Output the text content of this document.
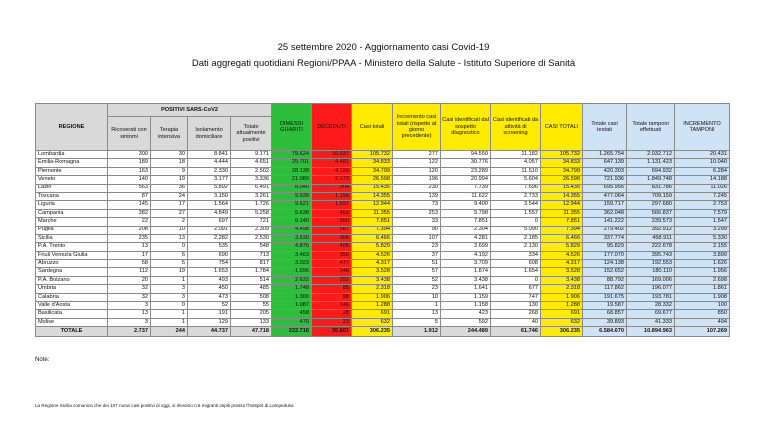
25 settembre 2020 - Aggiornamento casi Covid-19
Dati aggregati quotidiani Regioni/PPAA - Ministero della Salute - Istituto Superiore di Sanità
REGIONE	POSITIVI SARS-CoV2				DIMESSI GUARITI	DECEDUTI	Casi totali	Incremento casi totali (rispetto al giorno precedente)	Casi identificati dal sospetto diagnostico	Casi identificati da attività di screening	CASI TOTALI	Totale casi testati	Totale tamponi effettuati	INCREMENTO TAMPONI
	Ricoverati con sintomi	Terapia intensiva	Isolamento domiciliare	Totale attualmente positivi										
Lombardia	300	30	8.841	9.171	79.624	16.937	105.732	277	94.550	11.182	105.732	1.265.754	2.032.712	20.431
Emilia-Romagna	189	18	4.444	4.651	25.701	4.481	34.833	122	30.776	4.057	34.833	647.139	1.131.423	10.040
Piemonte	163	9	2.330	2.502	28.138	4.159	34.799	120	23.289	11.510	34.799	420.303	694.932	6.284
Veneto	140	19	3.177	3.336	21.089	2.173	26.598	196	20.994	5.604	26.598	721.936	1.849.748	14.188
Lazio	563	36	5.892	6.491	8.040	904	15.435	230	7.739	7.696	15.435	695.956	831.786	11.026
Toscana	87	24	3.150	3.261	9.938	1.156	14.355	139	11.622	2.733	14.355	477.064	709.159	7.245
Liguria	145	17	1.564	1.726	9.621	1.597	12.944	73	9.400	3.544	12.944	159.717	297.680	2.753
Campania	382	27	4.849	5.258	5.638	459	11.355	253	9.798	1.557	11.355	362.048	566.837	7.579
Marche	22	2	697	721	6.140	990	7.851	33	7.851	0	7.851	141.222	239.573	1.547
Puglia	208	10	2.091	2.309	4.498	587	7.394	90	2.304	5.090	7.394	279.402	392.912	3.299
Sicilia	235	13	2.282	2.530	3.630	306	6.466	107	4.281	2.185	6.466	337.774	458.911	5.330
P.A. Trento	13	0	535	548	4.876	405	5.829	23	3.699	2.130	5.829	95.829	222.678	2.155
Friuli Venezia Giulia	17	6	690	713	3.463	350	4.526	37	4.192	334	4.526	177.070	395.743	3.899
Abruzzo	58	5	754	817	3.023	477	4.317	51	3.709	608	4.317	124.138	192.553	1.626
Sardegna	112	19	1.653	1.784	1.596	148	3.528	57	1.874	1.654	3.528	152.652	180.110	1.956
P.A. Bolzano	20	1	493	514	2.632	292	3.438	52	3.438	0	3.438	88.792	169.006	2.698
Umbria	32	3	450	485	1.748	85	2.318	23	1.641	677	2.318	117.862	196.077	1.861
Calabria	32	3	473	508	1.300	98	1.906	10	1.159	747	1.906	191.675	193.781	1.908
Valle d'Aosta	3	0	52	55	1.087	146	1.288	1	1.158	130	1.288	19.587	28.332	100
Basilicata	13	1	191	205	458	28	691	13	423	268	691	68.857	69.677	850
Molise	3	1	129	133	476	23	632	5	592	40	632	39.893	41.333	494
TOTALE	2.737	244	44.737	47.718	222.716	35.801	306.235	1.912	244.489	61.746	306.235	6.584.670	10.894.963	107.269
Note:
La Regione Sicilia comunica che dei 107 nuovi casi positivi di oggi, si rilevano n.6 migranti ospiti presso l'hotspot di Lampedusa
